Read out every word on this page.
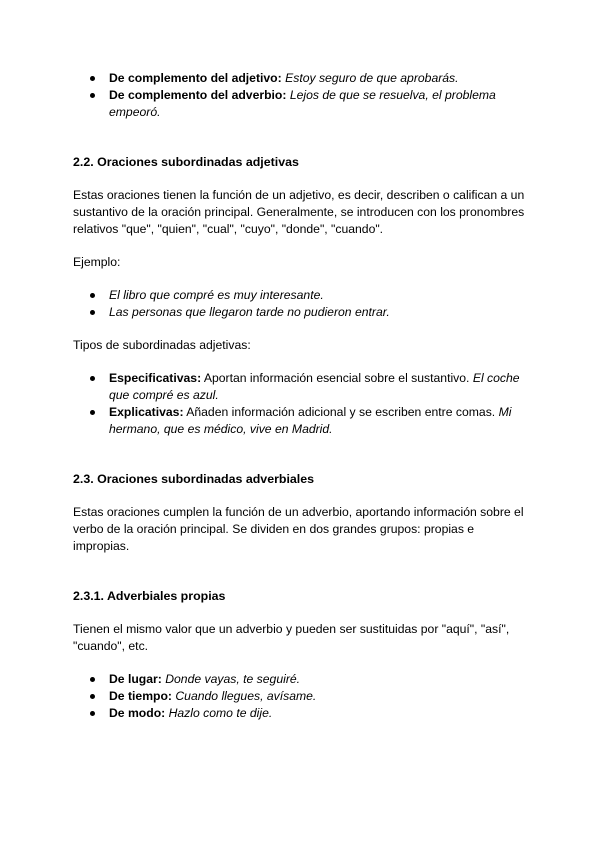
De complemento del adjetivo: Estoy seguro de que aprobarás.
De complemento del adverbio: Lejos de que se resuelva, el problema empeoró.
2.2. Oraciones subordinadas adjetivas

Estas oraciones tienen la función de un adjetivo, es decir, describen o califican a un sustantivo de la oración principal. Generalmente, se introducen con los pronombres relativos "que", "quien", "cual", "cuyo", "donde", "cuando".

Ejemplo:

El libro que compré es muy interesante.
Las personas que llegaron tarde no pudieron entrar.

Tipos de subordinadas adjetivas:

Especificativas: Aportan información esencial sobre el sustantivo. El coche que compré es azul.
Explicativas: Añaden información adicional y se escriben entre comas. Mi hermano, que es médico, vive en Madrid.
2.3. Oraciones subordinadas adverbiales

Estas oraciones cumplen la función de un adverbio, aportando información sobre el verbo de la oración principal. Se dividen en dos grandes grupos: propias e impropias.

2.3.1. Adverbiales propias

Tienen el mismo valor que un adverbio y pueden ser sustituidas por "aquí", "así", "cuando", etc.

De lugar: Donde vayas, te seguiré.
De tiempo: Cuando llegues, avísame.
De modo: Hazlo como te dije.
